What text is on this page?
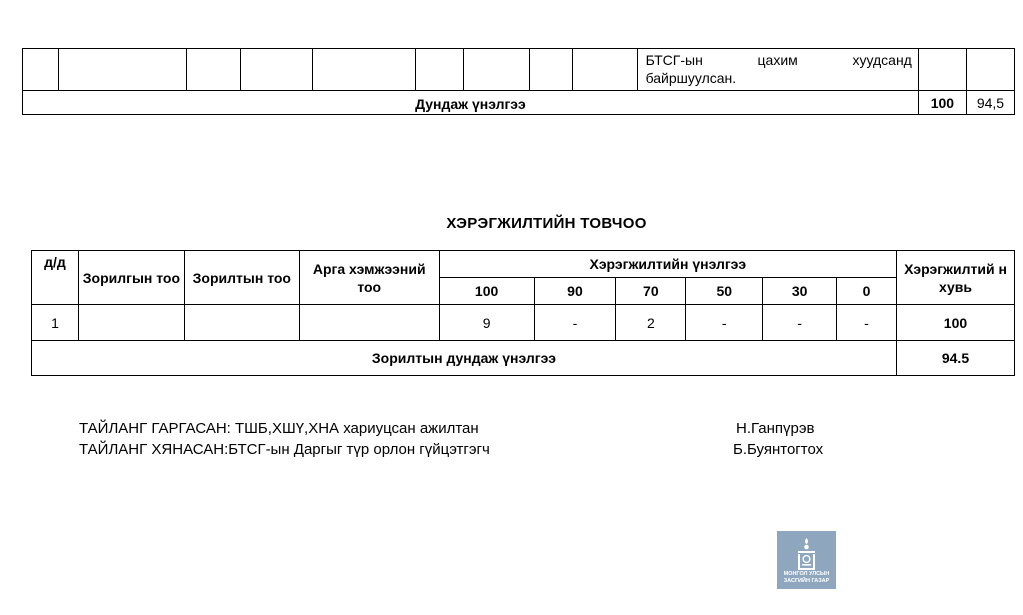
									БТСГ-ын цахим хуудсанд
байршуулсан.		

Дундаж үнэлгээ										100	94,5
ХЭРЭГЖИЛТИЙН ТОВЧОО
д/д	Зорилгын тоо	Зорилтын тоо	Арга хэмжээний тоо	Хэрэгжилтийн үнэлгээ						Хэрэгжилтий н хувь
				100	90	70	50	30	0	
1				9	-	2	-	-	-	100
Зорилтын дундаж үнэлгээ										94.5
ТАЙЛАНГ ГАРГАСАН: ТШБ,ХШҮ,ХНА хариуцсан ажилтан
ТАЙЛАНГ ХЯНАСАН:БТСГ-ын Даргыг түр орлон гүйцэтгэгч
Н.Ганпүрэв
Б.Буянтогтох
МОНГОЛ УЛСЫН
ЗАСГИЙН ГАЗАР
